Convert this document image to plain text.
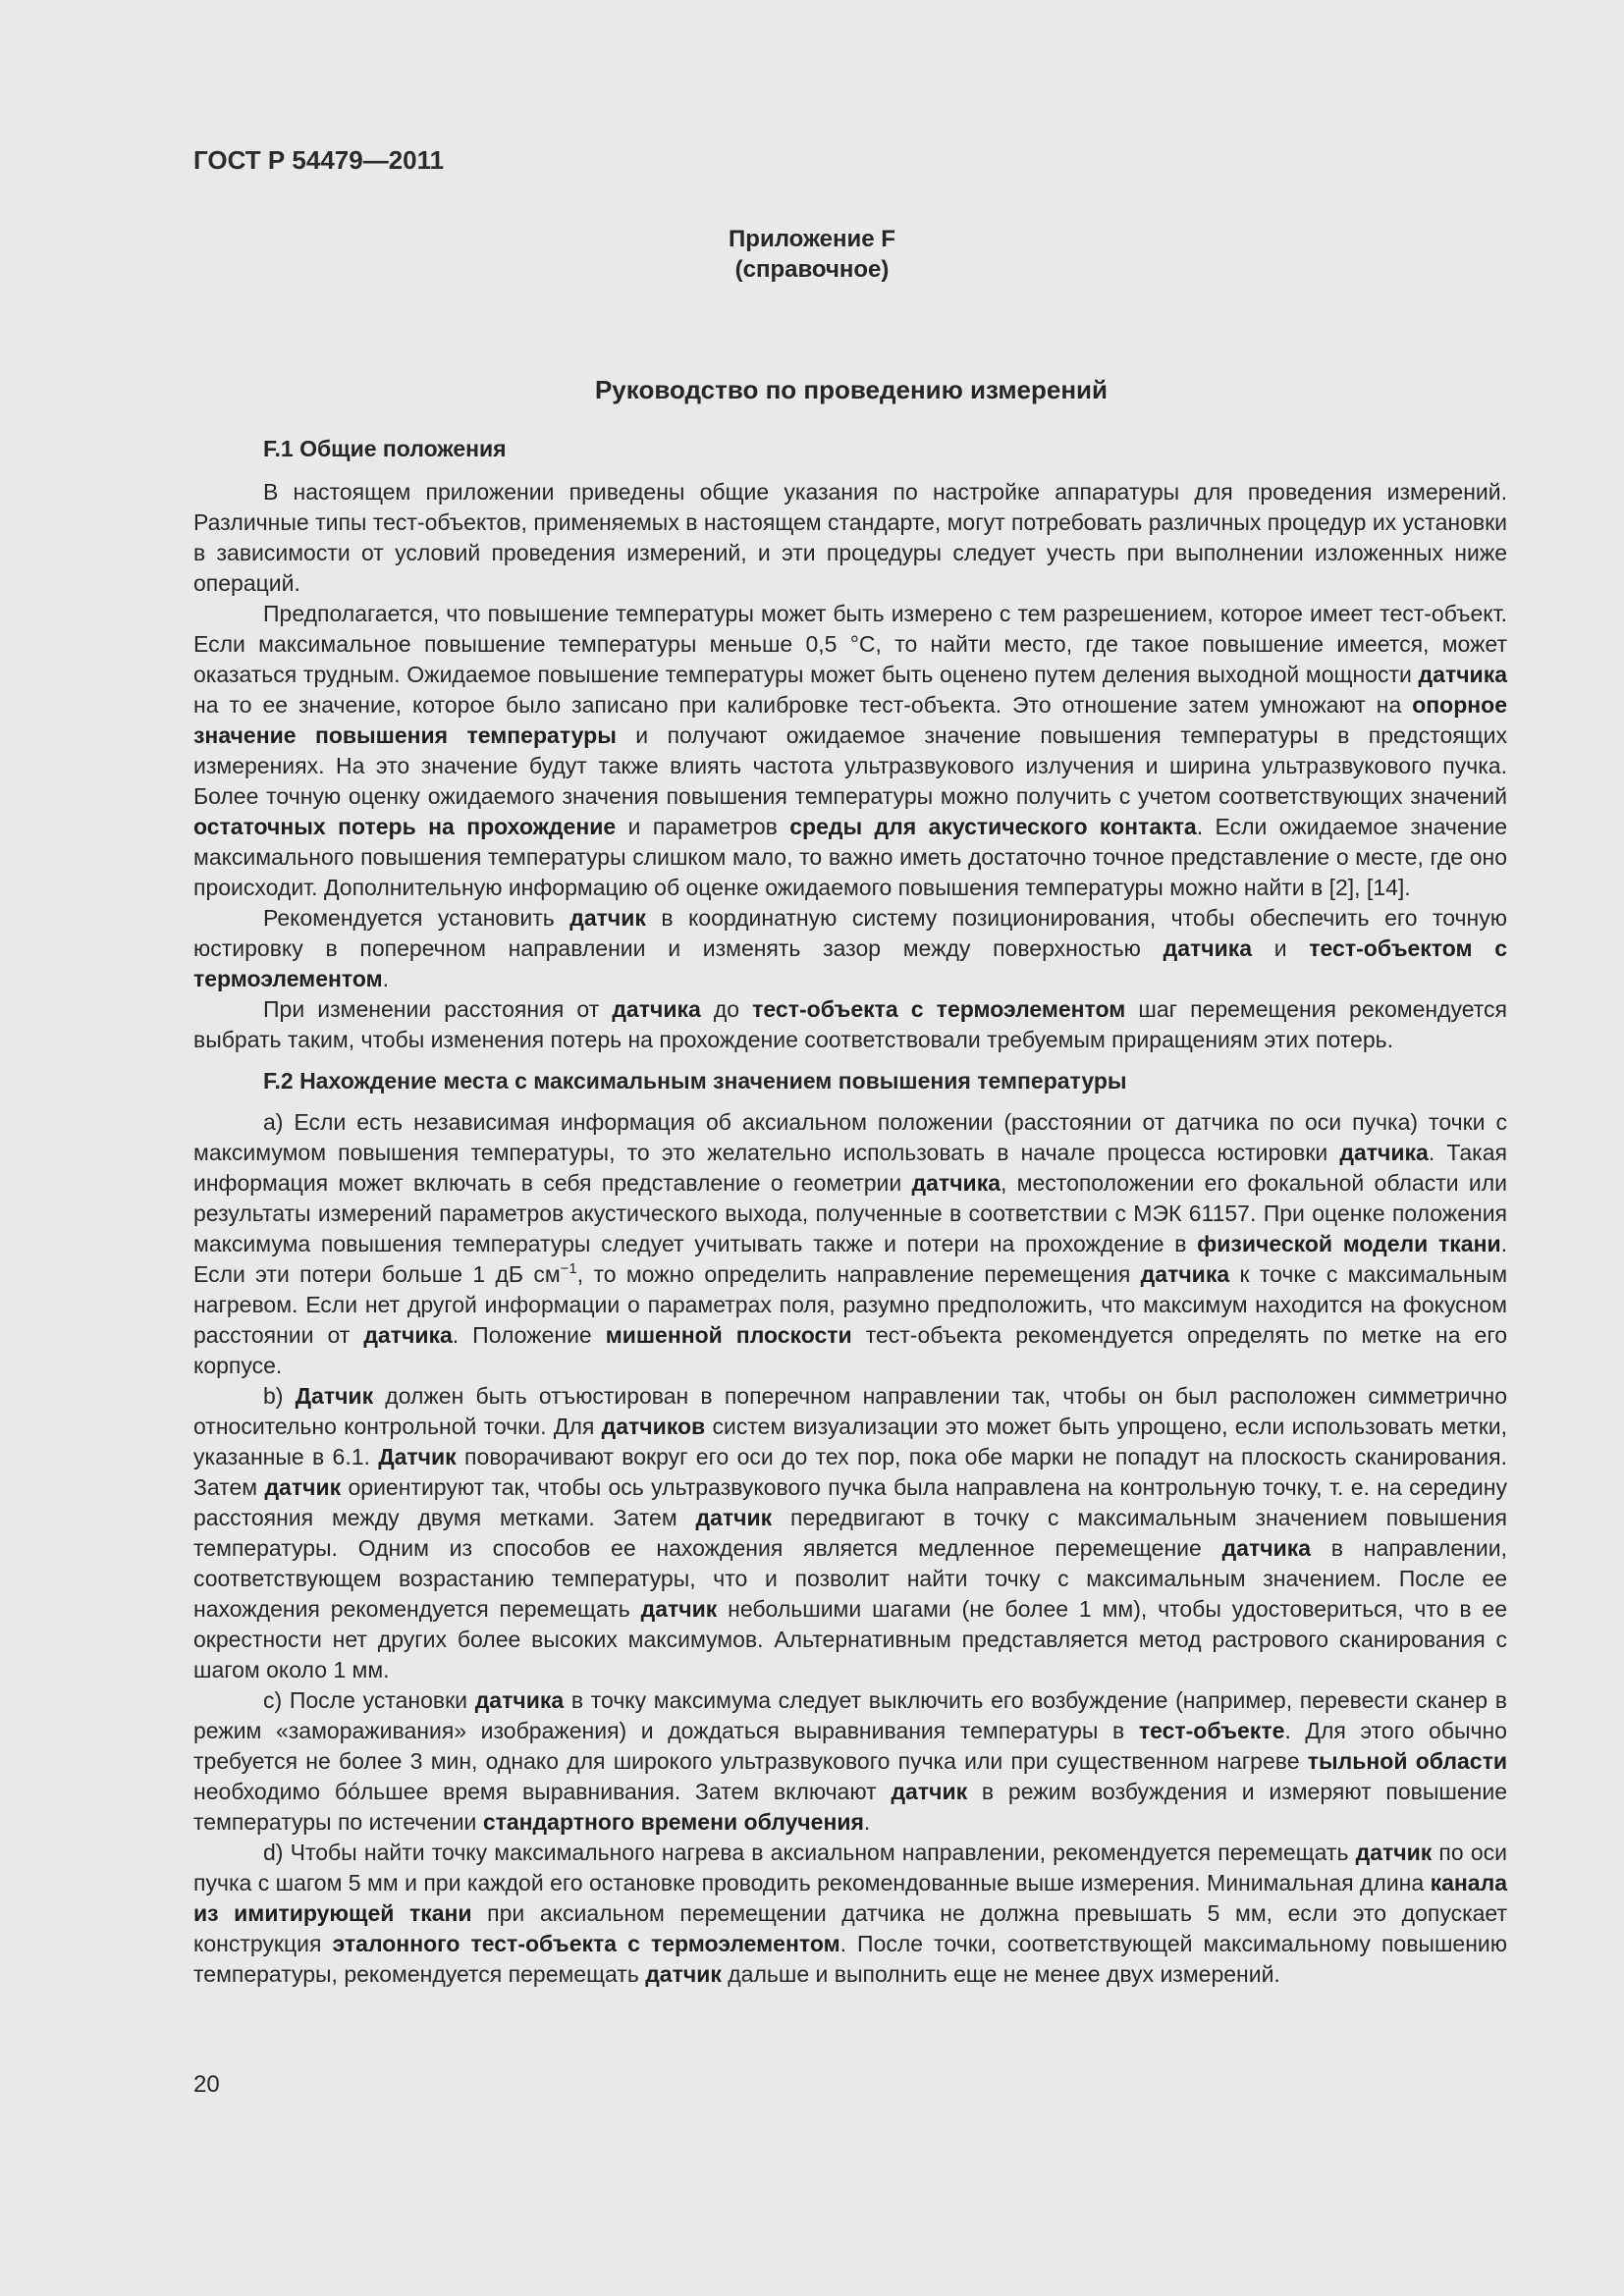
ГОСТ Р 54479—2011
Приложение F
(справочное)
Руководство по проведению измерений
F.1 Общие положения

В настоящем приложении приведены общие указания по настройке аппаратуры для проведения измерений. Различные типы тест-объектов, применяемых в настоящем стандарте, могут потребовать различных процедур их установки в зависимости от условий проведения измерений, и эти процедуры следует учесть при выполнении изложенных ниже операций.

Предполагается, что повышение температуры может быть измерено с тем разрешением, которое имеет тест-объект. Если максимальное повышение температуры меньше 0,5 °С, то найти место, где такое повышение имеется, может оказаться трудным. Ожидаемое повышение температуры может быть оценено путем деления выходной мощности датчика на то ее значение, которое было записано при калибровке тест-объекта. Это отношение затем умножают на опорное значение повышения температуры и получают ожидаемое значение повышения температуры в предстоящих измерениях. На это значение будут также влиять частота ультразвукового излучения и ширина ультразвукового пучка. Более точную оценку ожидаемого значения повышения температуры можно получить с учетом соответствующих значений остаточных потерь на прохождение и параметров среды для акустического контакта. Если ожидаемое значение максимального повышения температуры слишком мало, то важно иметь достаточно точное представление о месте, где оно происходит. Дополнительную информацию об оценке ожидаемого повышения температуры можно найти в [2], [14].

Рекомендуется установить датчик в координатную систему позиционирования, чтобы обеспечить его точную юстировку в поперечном направлении и изменять зазор между поверхностью датчика и тест-объектом с термоэлементом.

При изменении расстояния от датчика до тест-объекта с термоэлементом шаг перемещения рекомендуется выбрать таким, чтобы изменения потерь на прохождение соответствовали требуемым приращениям этих потерь.

F.2 Нахождение места с максимальным значением повышения температуры

а) Если есть независимая информация об аксиальном положении (расстоянии от датчика по оси пучка) точки с максимумом повышения температуры, то это желательно использовать в начале процесса юстировки датчика. Такая информация может включать в себя представление о геометрии датчика, местоположении его фокальной области или результаты измерений параметров акустического выхода, полученные в соответствии с МЭК 61157. При оценке положения максимума повышения температуры следует учитывать также и потери на прохождение в физической модели ткани. Если эти потери больше 1 дБ $см^{-1}$, то можно определить направление перемещения датчика к точке с максимальным нагревом. Если нет другой информации о параметрах поля, разумно предположить, что максимум находится на фокусном расстоянии от датчика. Положение мишенной плоскости тест-объекта рекомендуется определять по метке на его корпусе.

b) Датчик должен быть отъюстирован в поперечном направлении так, чтобы он был расположен симметрично относительно контрольной точки. Для датчиков систем визуализации это может быть упрощено, если использовать метки, указанные в 6.1. Датчик поворачивают вокруг его оси до тех пор, пока обе марки не попадут на плоскость сканирования. Затем датчик ориентируют так, чтобы ось ультразвукового пучка была направлена на контрольную точку, т. е. на середину расстояния между двумя метками. Затем датчик передвигают в точку с максимальным значением повышения температуры. Одним из способов ее нахождения является медленное перемещение датчика в направлении, соответствующем возрастанию температуры, что и позволит найти точку с максимальным значением. После ее нахождения рекомендуется перемещать датчик небольшими шагами (не более 1 мм), чтобы удостовериться, что в ее окрестности нет других более высоких максимумов. Альтернативным представляется метод растрового сканирования с шагом около 1 мм.

с) После установки датчика в точку максимума следует выключить его возбуждение (например, перевести сканер в режим «замораживания» изображения) и дождаться выравнивания температуры в тест-объекте. Для этого обычно требуется не более 3 мин, однако для широкого ультразвукового пучка или при существенном нагреве тыльной области необходимо бóльшее время выравнивания. Затем включают датчик в режим возбуждения и измеряют повышение температуры по истечении стандартного времени облучения.

d) Чтобы найти точку максимального нагрева в аксиальном направлении, рекомендуется перемещать датчик по оси пучка с шагом 5 мм и при каждой его остановке проводить рекомендованные выше измерения. Минимальная длина канала из имитирующей ткани при аксиальном перемещении датчика не должна превышать 5 мм, если это допускает конструкция эталонного тест-объекта с термоэлементом. После точки, соответствующей максимальному повышению температуры, рекомендуется перемещать датчик дальше и выполнить еще не менее двух измерений.

20
